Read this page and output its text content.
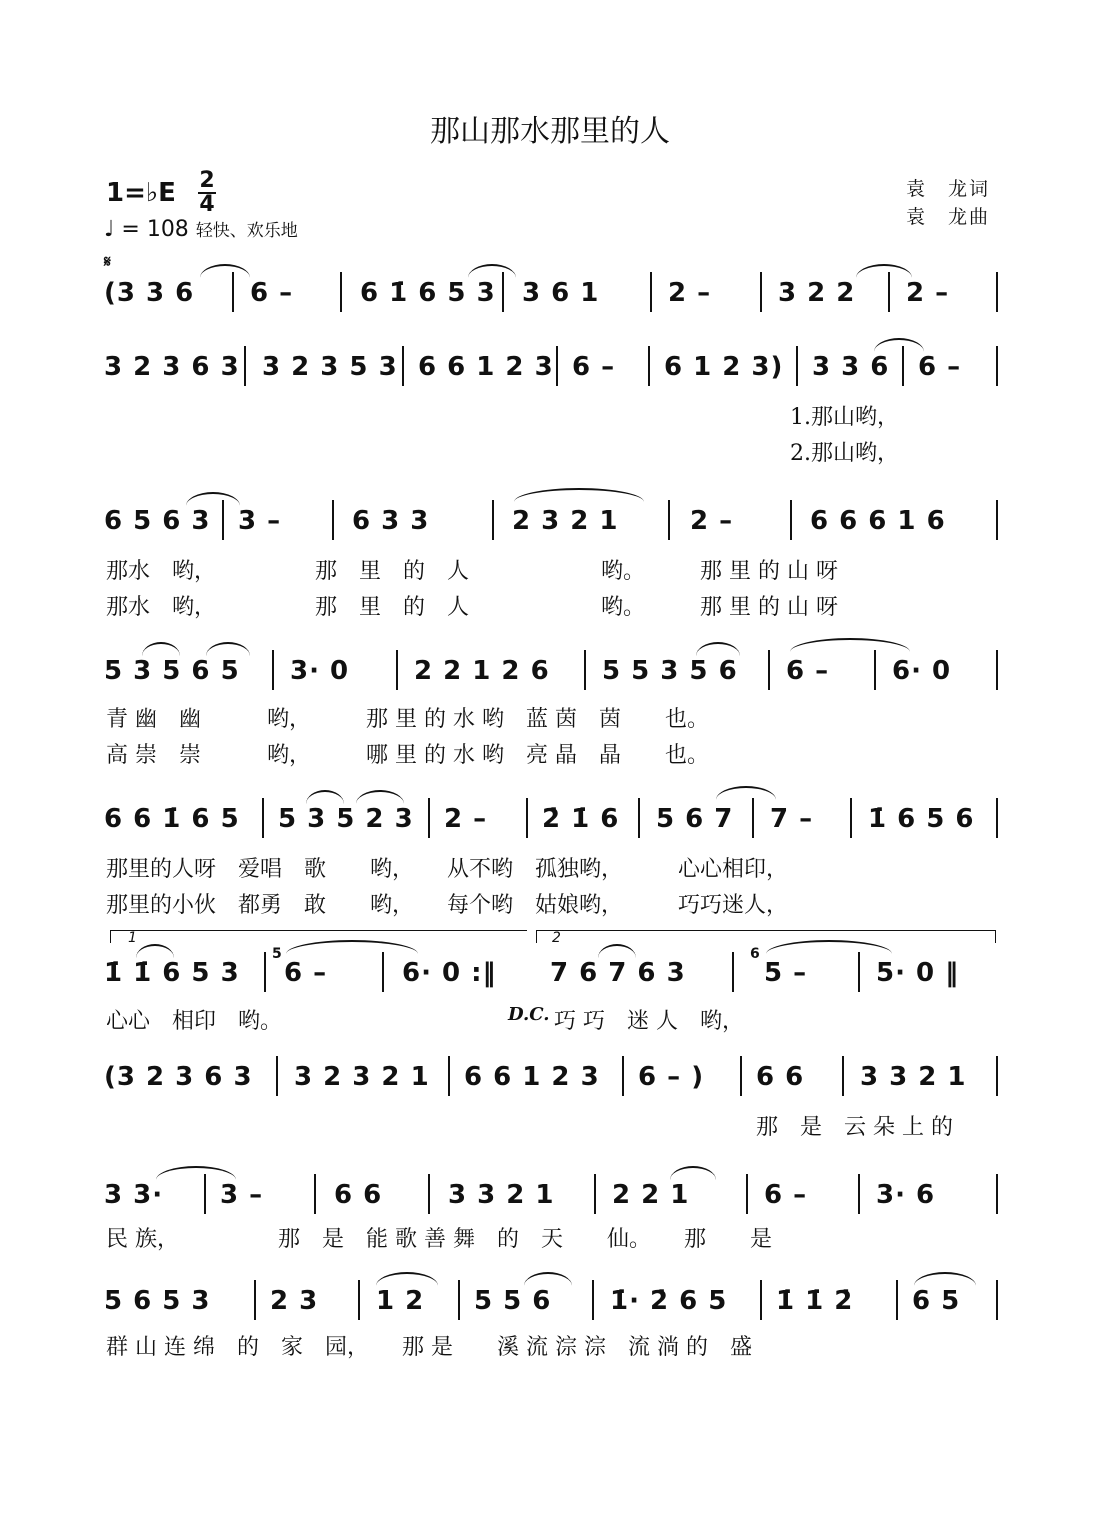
那山那水那里的人
袁　龙词
袁　龙曲
1=♭E 2
4
♩ = 108 轻快、欢乐地
𝄋
(3 3 6 6 –	6 1̇ 6 5 3 3 6 1	2 –	3 2 2 2 –
3 2 3 6 3 3 2 3 5 3 6 6 1 2 3 6 – 6 1 2 3) 3 3 6 6 –
1.那山哟，
2.那山哟，
6 5 6 3 3 –	6 3 3	2 3 2 1	2 –	6 6 6 1 6
那水　哟，　　　　　那　里　的　人　　　　　　哟。　　　那 里 的 山 呀
那水　哟，　　　　　那　里　的　人　　　　　　哟。　　　那 里 的 山 呀
5 3 5 6 5 3· 0 2 2 1 2 6 5 5 3 5 6 6 – 6· 0
青 幽　幽　　　哟，　　　那 里 的 水 哟　蓝 茵　茵　　也。
高 崇　崇　　　哟，　　　哪 里 的 水 哟　亮 晶　晶　　也。
6 6 1̇ 6 5 5 3 5 2 3 2 – 2̇ 1̇ 6 5 6 7 7 – 1̇ 6 5 6
那里的人呀　爱唱　歌　　哟，　　从不哟　孤独哟，　　　心心相印，
那里的小伙　都勇　敢　　哟，　　每个哟　姑娘哟，　　　巧巧迷人，
1	2
1̇ 1̇ 6 5 3
5
6 –	6· 0 :‖ 7 6 7 6 3
6
5 –	5· 0 ‖
心心　相印　哟。	D.C. 巧 巧　迷 人　哟，
(3 2 3 6 3 3 2 3 2 1 6 6 1 2 3 6 – ) 6 6 3 3 2 1
那　是　云 朵 上 的
3 3· 3 –	6 6	3 3 2 1 2 2 1	6 –	3· 6
民 族，　　　　　那　是　能 歌 善 舞　的　天　　仙。　　那　　是
5 6 5 3 2 3 1 2 5 5 6 1̇· 2̇ 6 5 1̇ 1̇ 2̇ 6 5
群 山 连 绵　的　家　园，　　那 是　　溪 流 淙 淙　流 淌 的　盛
